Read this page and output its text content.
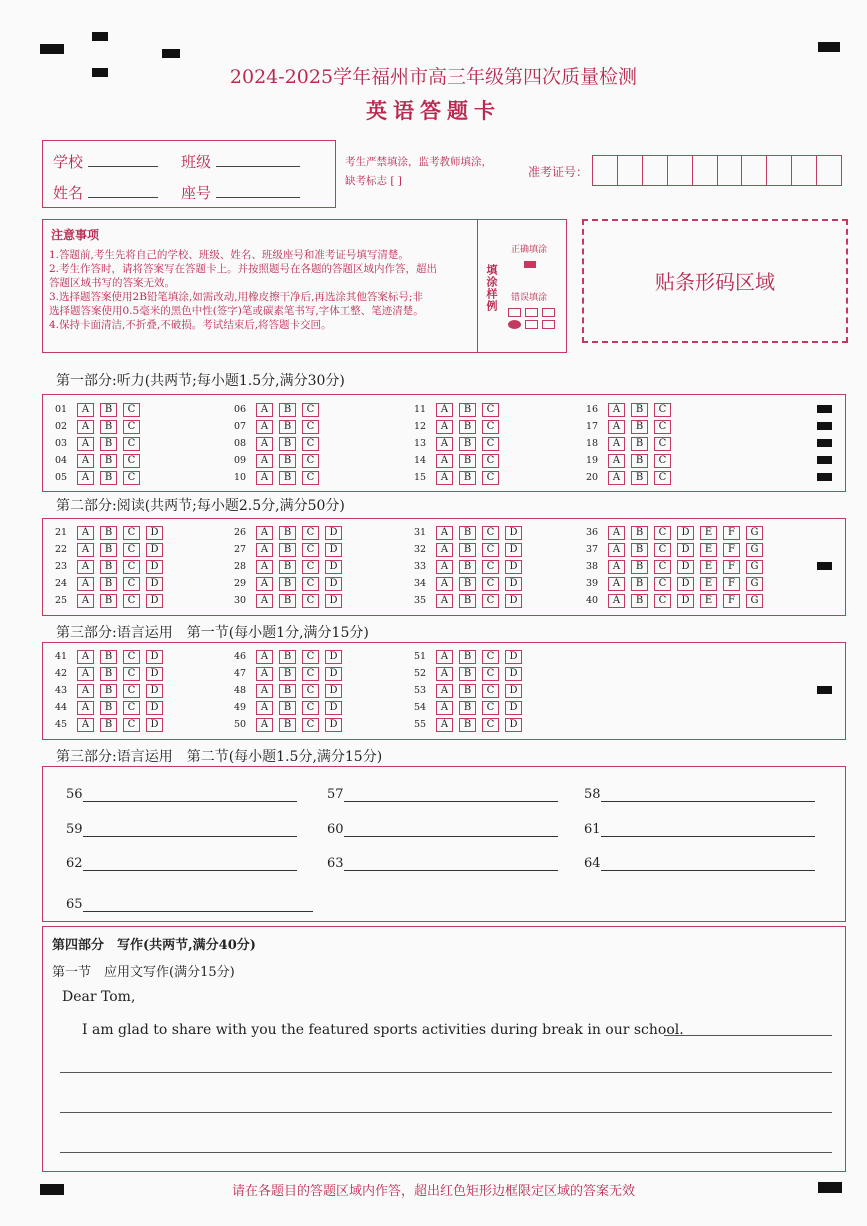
2024-2025学年福州市高三年级第四次质量检测
英语答题卡
学校	班级
姓名	座号
考生严禁填涂，监考教师填涂，
缺考标志 [ ]
准考证号：
注意事项

1.答题前,考生先将自己的学校、班级、姓名、班级座号和准考证号填写清楚。

2.考生作答时，请将答案写在答题卡上。并按照题号在各题的答题区域内作答，超出

答题区域书写的答案无效。

3.选择题答案使用2B铅笔填涂,如需改动,用橡皮擦干净后,再选涂其他答案标号;非

选择题答案使用0.5毫米的黑色中性(签字)笔或碳素笔书写,字体工整、笔迹清楚。

4.保持卡面清洁,不折叠,不破损。考试结束后,将答题卡交回。

填涂样例
正确填涂
错误填涂

贴条形码区域
第一部分:听力(共两节;每小题1.5分,满分30分)
01 A B C
02 A B C
03 A B C
04 A B C
05 A B C
06 A B C
07 A B C
08 A B C
09 A B C
10 A B C
11 A B C
12 A B C
13 A B C
14 A B C
15 A B C
16 A B C
17 A B C
18 A B C
19 A B C
20 A B C
第二部分:阅读(共两节;每小题2.5分,满分50分)
21 A B C D
22 A B C D
23 A B C D
24 A B C D
25 A B C D
26 A B C D
27 A B C D
28 A B C D
29 A B C D
30 A B C D
31 A B C D
32 A B C D
33 A B C D
34 A B C D
35 A B C D
36 A B C D E F G
37 A B C D E F G
38 A B C D E F G
39 A B C D E F G
40 A B C D E F G
第三部分:语言运用　第一节(每小题1分,满分15分)
41 A B C D
42 A B C D
43 A B C D
44 A B C D
45 A B C D
46 A B C D
47 A B C D
48 A B C D
49 A B C D
50 A B C D
51 A B C D
52 A B C D
53 A B C D
54 A B C D
55 A B C D
第三部分:语言运用　第二节(每小题1.5分,满分15分)
56	57	58
59	60	61
62	63	64
65
第四部分　写作(共两节,满分40分)
第一节　应用文写作(满分15分)
Dear Tom,
I am glad to share with you the featured sports activities during break in our school.
请在各题目的答题区域内作答，超出红色矩形边框限定区域的答案无效
